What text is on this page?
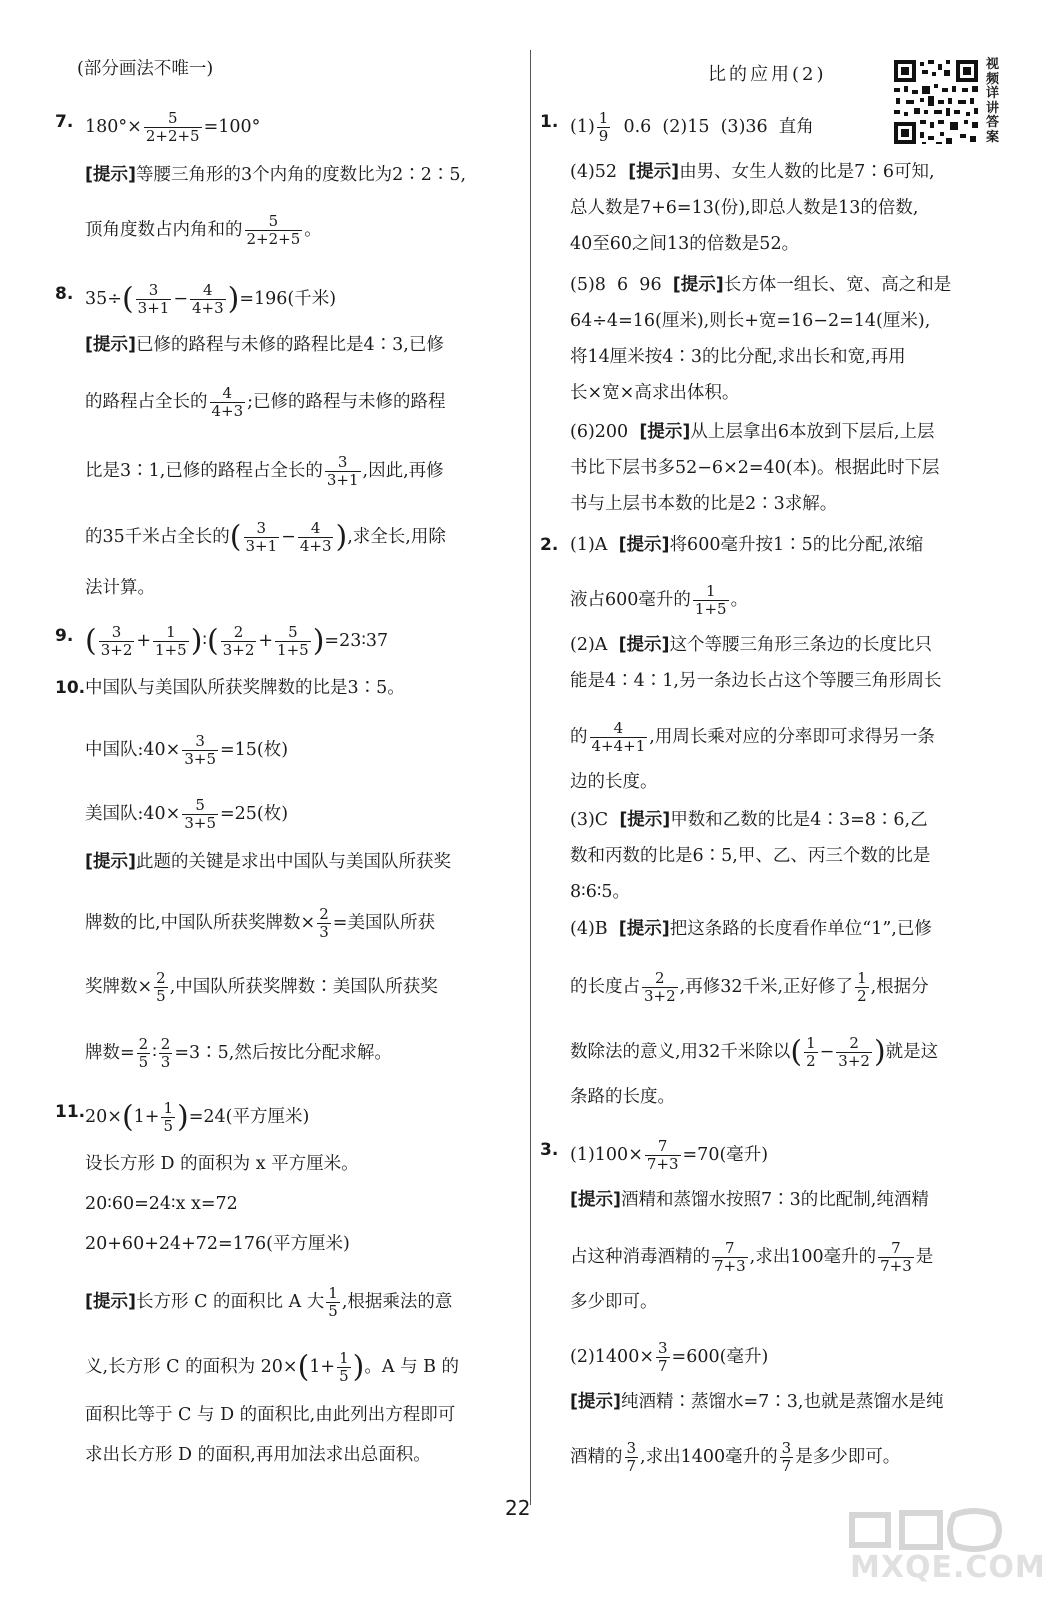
(部分画法不唯一)
7. $180^\circ\times \frac{5}{2+2+5} =100^\circ$
[提示]等腰三角形的3个内角的度数比为2∶2∶5,
顶角度数占内角和的 $\frac{5}{2+2+5}$ 。
8. $35\div( \frac{3}{3+1} - \frac{4}{4+3} )=196$(千米)
[提示]已修的路程与未修的路程比是4∶3,已修
的路程占全长的 $\frac{4}{4+3}$ ;已修的路程与未修的路程
比是3∶1,已修的路程占全长的 $\frac{3}{3+1}$ ,因此,再修
的35千米占全长的( $\frac{3}{3+1} - \frac{4}{4+3}$ ),求全长,用除
法计算。
9. ( $\frac{3}{3+2} + \frac{1}{1+5}$ )∶( $\frac{2}{3+2} + \frac{5}{1+5}$ )=23∶37
10. 中国队与美国队所获奖牌数的比是3∶5。
中国队:40× $\frac{3}{3+5} =15$(枚)
美国队:40× $\frac{5}{3+5} =25$(枚)
[提示]此题的关键是求出中国队与美国队所获奖
牌数的比,中国队所获奖牌数× $\frac{2}{3}$ =美国队所获
奖牌数× $\frac{2}{5}$ ,中国队所获奖牌数∶美国队所获奖
牌数= $\frac{2}{5}$ ∶ $\frac{2}{3}$ =3∶5,然后按比分配求解。
11. $20\times(1+ \frac{1}{5} )=24$(平方厘米)
设长方形 D 的面积为 x 平方厘米。
20∶60=24∶x x=72
20+60+24+72=176(平方厘米)
[提示]长方形 C 的面积比 A 大 $\frac{1}{5}$ ,根据乘法的意
义,长方形 C 的面积为 $20\times(1+ \frac{1}{5}$ )。A 与 B 的
面积比等于 C 与 D 的面积比,由此列出方程即可
求出长方形 D 的面积,再用加法求出总面积。
比的应用(2)	视频详讲答案
1. $(1) \frac{1}{9} 0.6$  (2)15  (3)36  直角
(4)52  [提示]由男、女生人数的比是7∶6可知,
总人数是7+6=13(份),即总人数是13的倍数,
40至60之间13的倍数是52。
(5)8  6  96  [提示]长方体一组长、宽、高之和是
64÷4=16(厘米),则长+宽=16−2=14(厘米),
将14厘米按4∶3的比分配,求出长和宽,再用
长×宽×高求出体积。
(6)200  [提示]从上层拿出6本放到下层后,上层
书比下层书多52−6×2=40(本)。根据此时下层
书与上层书本数的比是2∶3求解。
2. (1)A  [提示]将600毫升按1∶5的比分配,浓缩
液占600毫升的 $\frac{1}{1+5}$ 。
(2)A  [提示]这个等腰三角形三条边的长度比只
能是4∶4∶1,另一条边长占这个等腰三角形周长
的 $\frac{4}{4+4+1}$ ,用周长乘对应的分率即可求得另一条
边的长度。
(3)C  [提示]甲数和乙数的比是4∶3=8∶6,乙
数和丙数的比是6∶5,甲、乙、丙三个数的比是
8∶6∶5。
(4)B  [提示]把这条路的长度看作单位“1”,已修
的长度占 $\frac{2}{3+2}$ ,再修32千米,正好修了 $\frac{1}{2}$ ,根据分
数除法的意义,用32千米除以( $\frac{1}{2} - \frac{2}{3+2}$ )就是这
条路的长度。
3. $(1)100\times \frac{7}{7+3} =70$(毫升)
[提示]酒精和蒸馏水按照7∶3的比配制,纯酒精
占这种消毒酒精的 $\frac{7}{7+3}$ ,求出100毫升的 $\frac{7}{7+3}$ 是
多少即可。
$(2)1400\times \frac{3}{7} =600$(毫升)
[提示]纯酒精∶蒸馏水=7∶3,也就是蒸馏水是纯
酒精的 $\frac{3}{7}$ ,求出1400毫升的 $\frac{3}{7}$ 是多少即可。
22
MXQE.COM
